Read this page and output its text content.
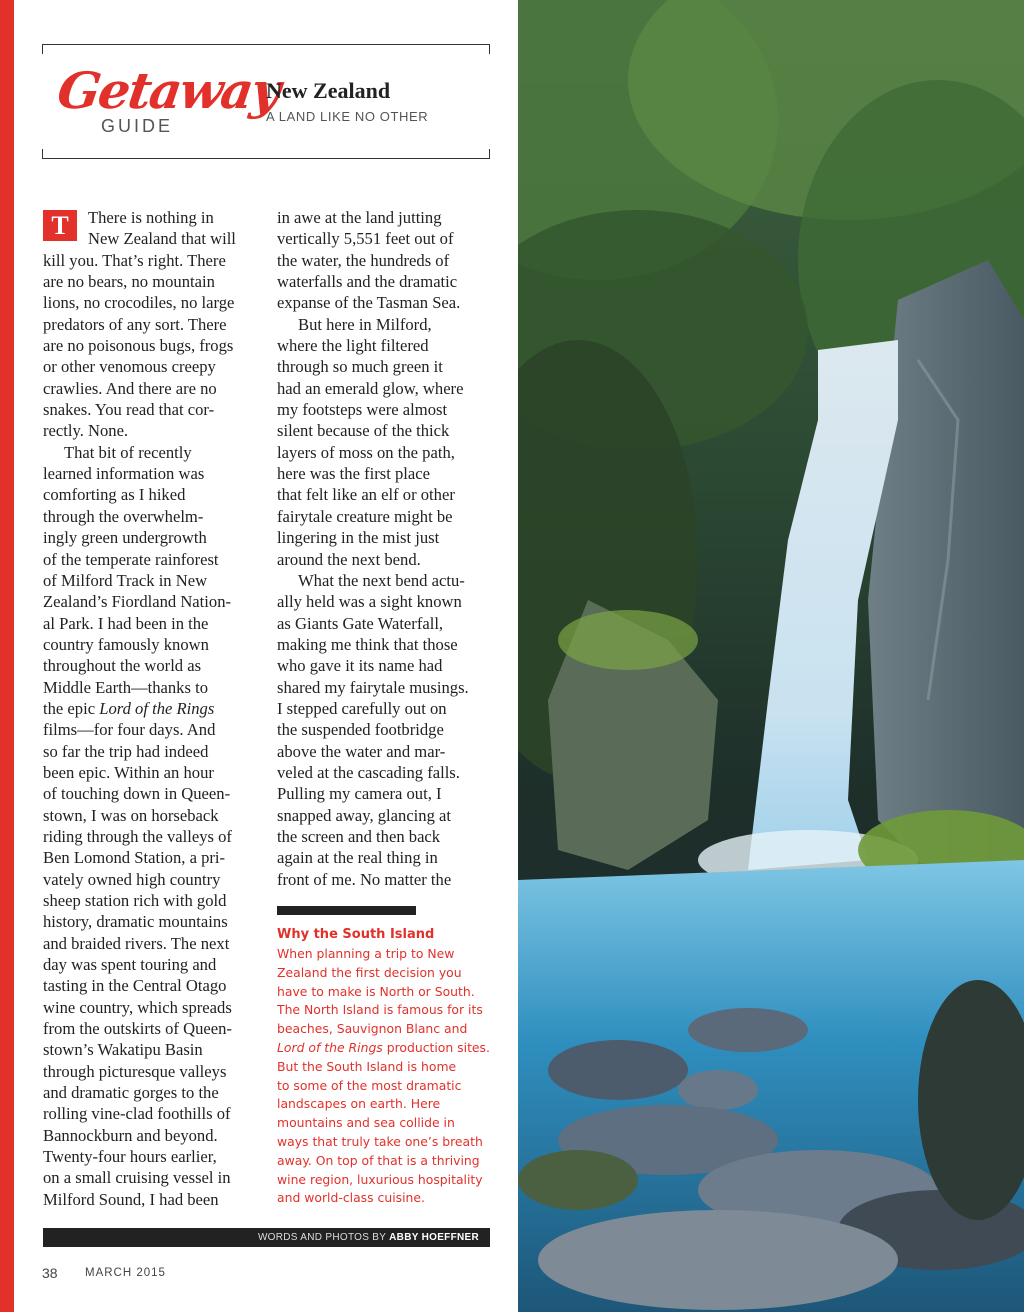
Getaway
GUIDE
New Zealand
A LAND LIKE NO OTHER
T	There is nothing in
New Zealand that will
kill you. That’s right. There
are no bears, no mountain
lions, no crocodiles, no large
predators of any sort. There
are no poisonous bugs, frogs
or other venomous creepy
crawlies. And there are no
snakes. You read that cor-
rectly. None.
That bit of recently
learned information was
comforting as I hiked
through the overwhelm-
ingly green undergrowth
of the temperate rainforest
of Milford Track in New
Zealand’s Fiordland Nation-
al Park. I had been in the
country famously known
throughout the world as
Middle Earth—thanks to
the epic Lord of the Rings
films—for four days. And
so far the trip had indeed
been epic. Within an hour
of touching down in Queen-
stown, I was on horseback
riding through the valleys of
Ben Lomond Station, a pri-
vately owned high country
sheep station rich with gold
history, dramatic mountains
and braided rivers. The next
day was spent touring and
tasting in the Central Otago
wine country, which spreads
from the outskirts of Queen-
stown’s Wakatipu Basin
through picturesque valleys
and dramatic gorges to the
rolling vine-clad foothills of
Bannockburn and beyond.
Twenty-four hours earlier,
on a small cruising vessel in
Milford Sound, I had been
in awe at the land jutting
vertically 5,551 feet out of
the water, the hundreds of
waterfalls and the dramatic
expanse of the Tasman Sea.
But here in Milford,
where the light filtered
through so much green it
had an emerald glow, where
my footsteps were almost
silent because of the thick
layers of moss on the path,
here was the first place
that felt like an elf or other
fairytale creature might be
lingering in the mist just
around the next bend.
What the next bend actu-
ally held was a sight known
as Giants Gate Waterfall,
making me think that those
who gave it its name had
shared my fairytale musings.
I stepped carefully out on
the suspended footbridge
above the water and mar-
veled at the cascading falls.
Pulling my camera out, I
snapped away, glancing at
the screen and then back
again at the real thing in
front of me. No matter the
Why the South Island
When planning a trip to New
Zealand the first decision you
have to make is North or South.
The North Island is famous for its
beaches, Sauvignon Blanc and
Lord of the Rings production sites.
But the South Island is home
to some of the most dramatic
landscapes on earth. Here
mountains and sea collide in
ways that truly take one’s breath
away. On top of that is a thriving
wine region, luxurious hospitality
and world-class cuisine.
WORDS AND PHOTOS BY ABBY HOEFFNER
38 MARCH 2015
